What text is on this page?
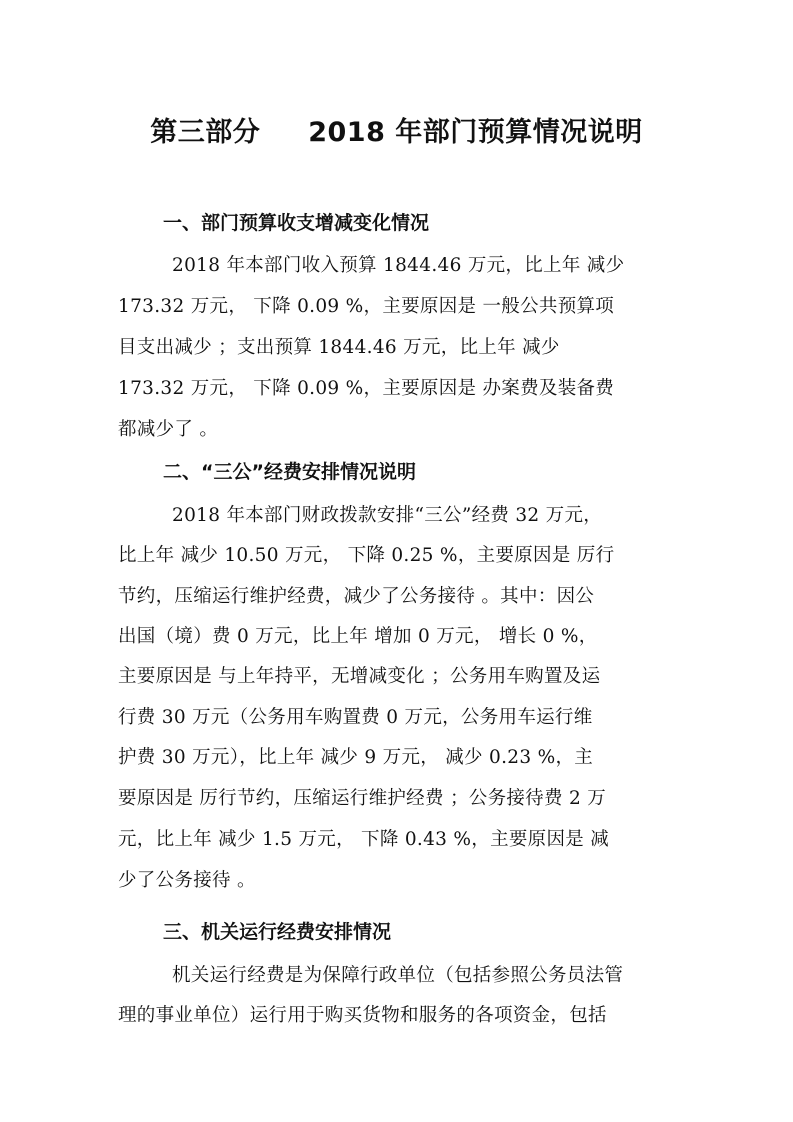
第三部分 2018 年部门预算情况说明
一、部门预算收支增减变化情况
2018 年本部门收入预算 1844.46 万元，比上年 减少
173.32 万元， 下降 0.09 %，主要原因是 一般公共预算项
目支出减少 ；支出预算 1844.46 万元，比上年 减少
173.32 万元， 下降 0.09 %，主要原因是 办案费及装备费
都减少了 。
二、“三公”经费安排情况说明
2018 年本部门财政拨款安排“三公”经费 32 万元，
比上年 减少 10.50 万元， 下降 0.25 %，主要原因是 厉行
节约，压缩运行维护经费，减少了公务接待 。其中：因公
出国（境）费 0 万元，比上年 增加 0 万元， 增长 0 %，
主要原因是 与上年持平，无增减变化 ；公务用车购置及运
行费 30 万元（公务用车购置费 0 万元，公务用车运行维
护费 30 万元），比上年 减少 9 万元， 减少 0.23 %，主
要原因是 厉行节约，压缩运行维护经费 ；公务接待费 2 万
元，比上年 减少 1.5 万元， 下降 0.43 %，主要原因是 减
少了公务接待 。
三、机关运行经费安排情况
机关运行经费是为保障行政单位（包括参照公务员法管
理的事业单位）运行用于购买货物和服务的各项资金，包括
